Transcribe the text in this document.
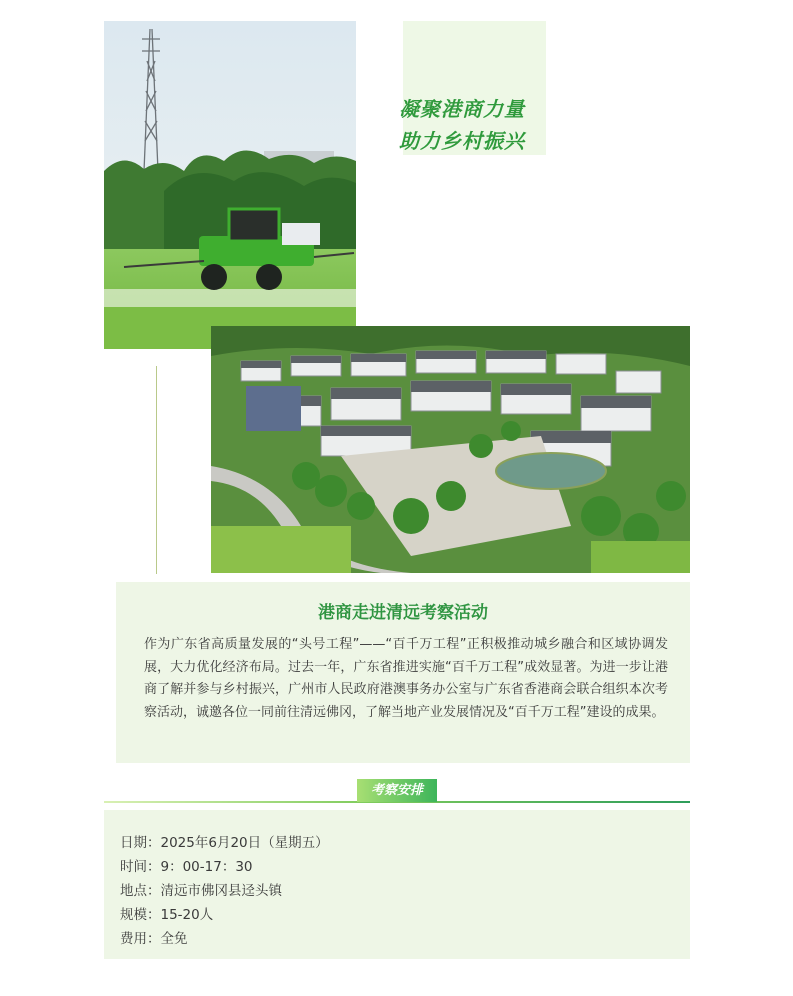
凝聚港商力量
助力乡村振兴
港商走进清远考察活动
作为广东省高质量发展的“头号工程”——“百千万工程”正积极推动城乡融合和区域协调发展，大力优化经济布局。过去一年，广东省推进实施“百千万工程”成效显著。为进一步让港商了解并参与乡村振兴，广州市人民政府港澳事务办公室与广东省香港商会联合组织本次考察活动，诚邀各位一同前往清远佛冈，了解当地产业发展情况及“百千万工程”建设的成果。
考察安排
日期：2025年6月20日（星期五）
时间：9：00-17：30
地点：清远市佛冈县迳头镇
规模：15-20人
费用：全免
